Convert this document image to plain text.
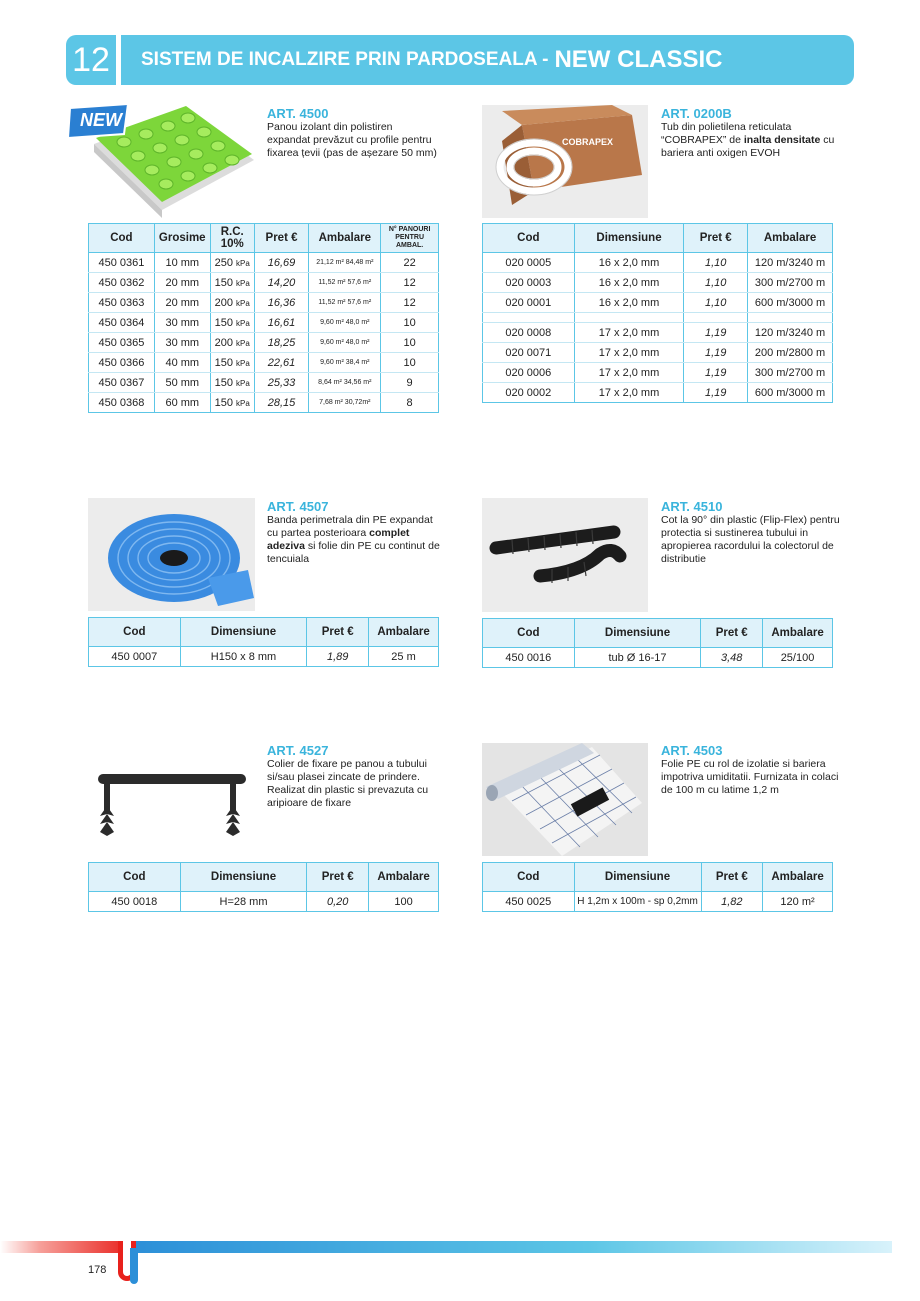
12	SISTEM DE INCALZIRE PRIN PARDOSEALA - NEW CLASSIC
NEW	ART. 4500
Panou izolant din polistiren expandat prevăzut cu profile pentru fixarea țevii (pas de așezare 50 mm)
Cod	Grosime	R.C. 10%	Pret €	Ambalare	N° PANOURI PENTRU AMBAL.
450 0361	10 mm	250 kPa	16,69	21,12 m² 84,48 m²	22
450 0362	20 mm	150 kPa	14,20	11,52 m² 57,6 m²	12
450 0363	20 mm	200 kPa	16,36	11,52 m² 57,6 m²	12
450 0364	30 mm	150 kPa	16,61	9,60 m² 48,0 m²	10
450 0365	30 mm	200 kPa	18,25	9,60 m² 48,0 m²	10
450 0366	40 mm	150 kPa	22,61	9,60 m² 38,4 m²	10
450 0367	50 mm	150 kPa	25,33	8,64 m² 34,56 m²	9
450 0368	60 mm	150 kPa	28,15	7,68 m² 30,72m²	8
COBRAPEX
ART. 0200B
Tub din polietilena reticulata “COBRAPEX” de inalta densitate cu bariera anti oxigen EVOH
Cod	Dimensiune	Pret €	Ambalare
020 0005	16 x 2,0 mm	1,10	120 m/3240 m
020 0003	16 x 2,0 mm	1,10	300 m/2700 m
020 0001	16 x 2,0 mm	1,10	600 m/3000 m

020 0008	17 x 2,0 mm	1,19	120 m/3240 m
020 0071	17 x 2,0 mm	1,19	200 m/2800 m
020 0006	17 x 2,0 mm	1,19	300 m/2700 m
020 0002	17 x 2,0 mm	1,19	600 m/3000 m
ART. 4507
Banda perimetrala din PE expandat cu partea posterioara complet adeziva si folie din PE cu continut de tencuiala
Cod	Dimensiune	Pret €	Ambalare
450 0007	H150 x 8 mm	1,89	25 m
ART. 4510
Cot la 90° din plastic (Flip-Flex) pentru protectia si sustinerea tubului in apropierea racordului la colectorul de distributie
Cod	Dimensiune	Pret €	Ambalare
450 0016	tub Ø 16-17	3,48	25/100
ART. 4527
Colier de fixare pe panou a tubului si/sau plasei zincate de prindere. Realizat din plastic si prevazuta cu aripioare de fixare
Cod	Dimensiune	Pret €	Ambalare
450 0018	H=28 mm	0,20	100
ART. 4503
Folie PE cu rol de izolatie si bariera impotriva umiditatii. Furnizata in colaci de 100 m cu latime 1,2 m
Cod	Dimensiune	Pret €	Ambalare
450 0025	H 1,2m x 100m - sp 0,2mm	1,82	120 m²
178
